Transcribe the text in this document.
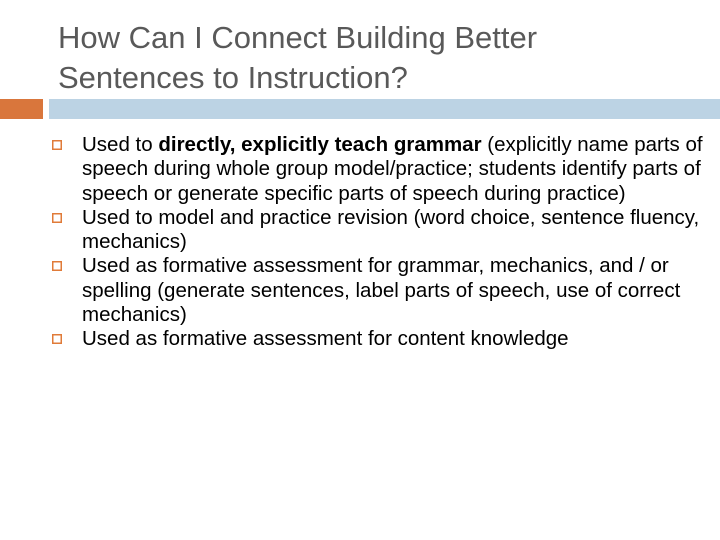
How Can I Connect Building Better
Sentences to Instruction?
Used to directly, explicitly teach grammar (explicitly name parts of speech during whole group model/practice; students identify parts of speech or generate specific parts of speech during practice)
Used to model and practice revision (word choice, sentence fluency, mechanics)
Used as formative assessment for grammar, mechanics, and / or spelling (generate sentences, label parts of speech, use of correct mechanics)
Used as formative assessment for content knowledge
